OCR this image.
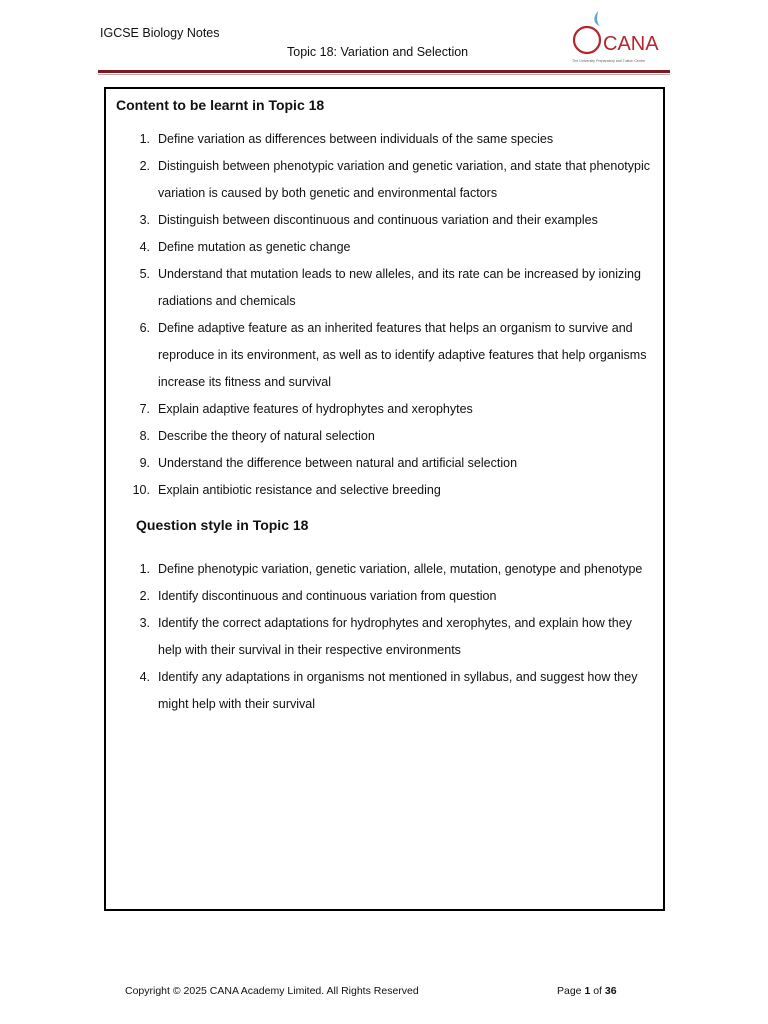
IGCSE Biology Notes
Topic 18: Variation and Selection	CANA
The University Preparatory and Tuition Centre
Content to be learnt in Topic 18
1. Define variation as differences between individuals of the same species
2. Distinguish between phenotypic variation and genetic variation, and state that phenotypic variation is caused by both genetic and environmental factors
3. Distinguish between discontinuous and continuous variation and their examples
4. Define mutation as genetic change
5. Understand that mutation leads to new alleles, and its rate can be increased by ionizing radiations and chemicals
6. Define adaptive feature as an inherited features that helps an organism to survive and reproduce in its environment, as well as to identify adaptive features that help organisms increase its fitness and survival
7. Explain adaptive features of hydrophytes and xerophytes
8. Describe the theory of natural selection
9. Understand the difference between natural and artificial selection
10. Explain antibiotic resistance and selective breeding
Question style in Topic 18
1. Define phenotypic variation, genetic variation, allele, mutation, genotype and phenotype
2. Identify discontinuous and continuous variation from question
3. Identify the correct adaptations for hydrophytes and xerophytes, and explain how they help with their survival in their respective environments
4. Identify any adaptations in organisms not mentioned in syllabus, and suggest how they might help with their survival
Copyright © 2025 CANA Academy Limited. All Rights Reserved	Page 1 of 36
